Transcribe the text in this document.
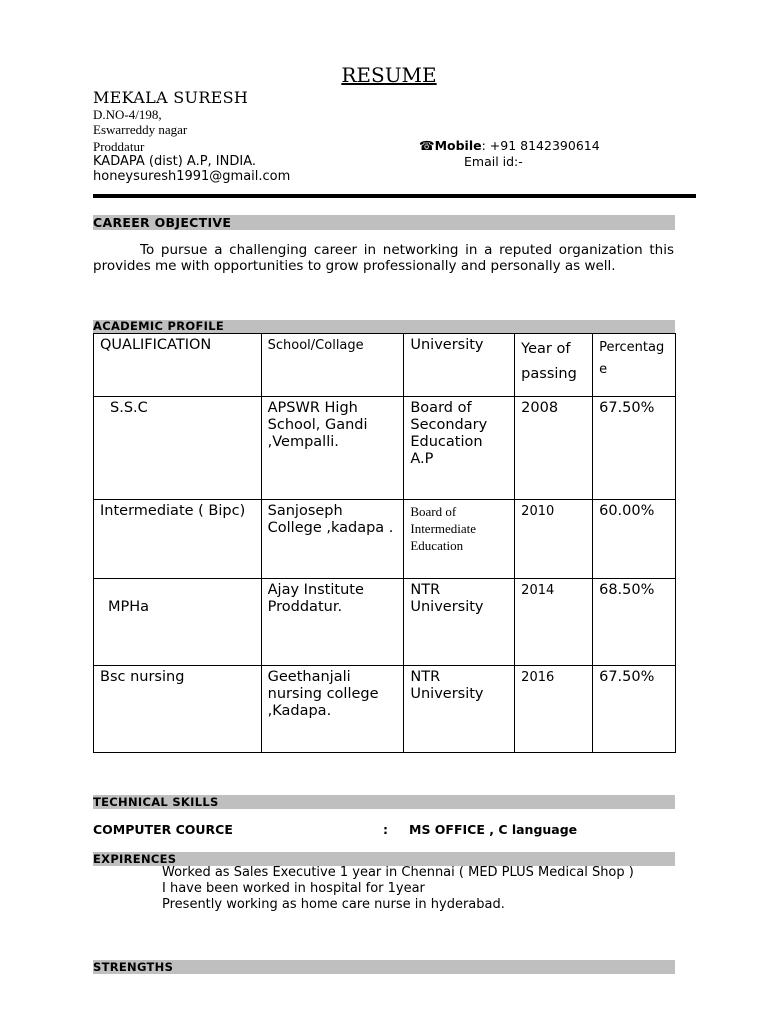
RESUME
MEKALA SURESH
D.NO-4/198,
Eswarreddy nagar
Proddatur
KADAPA (dist) A.P, INDIA.
honeysuresh1991@gmail.com
☎Mobile: +91 8142390614
Email id:-
CAREER OBJECTIVE
To pursue a challenging career in networking in a reputed organization this provides me with opportunities to grow professionally and personally as well.
ACADEMIC PROFILE
QUALIFICATION	School/Collage	University	Year of passing	Percentage
S.S.C	APSWR High School, Gandi ,Vempalli.	Board of Secondary Education A.P	2008	67.50%
Intermediate ( Bipc)	Sanjoseph College ,kadapa .	Board of Intermediate Education	2010	60.00%
MPHa	Ajay Institute Proddatur.	NTR University	2014	68.50%
Bsc nursing	Geethanjali nursing college ,Kadapa.	NTR University	2016	67.50%
TECHNICAL SKILLS
COMPUTER COURCE	: MS OFFICE , C language
EXPIRENCES
Worked as Sales Executive 1 year in Chennai ( MED PLUS Medical Shop )
I have been worked in hospital for 1year
Presently working as home care nurse in hyderabad.
STRENGTHS
